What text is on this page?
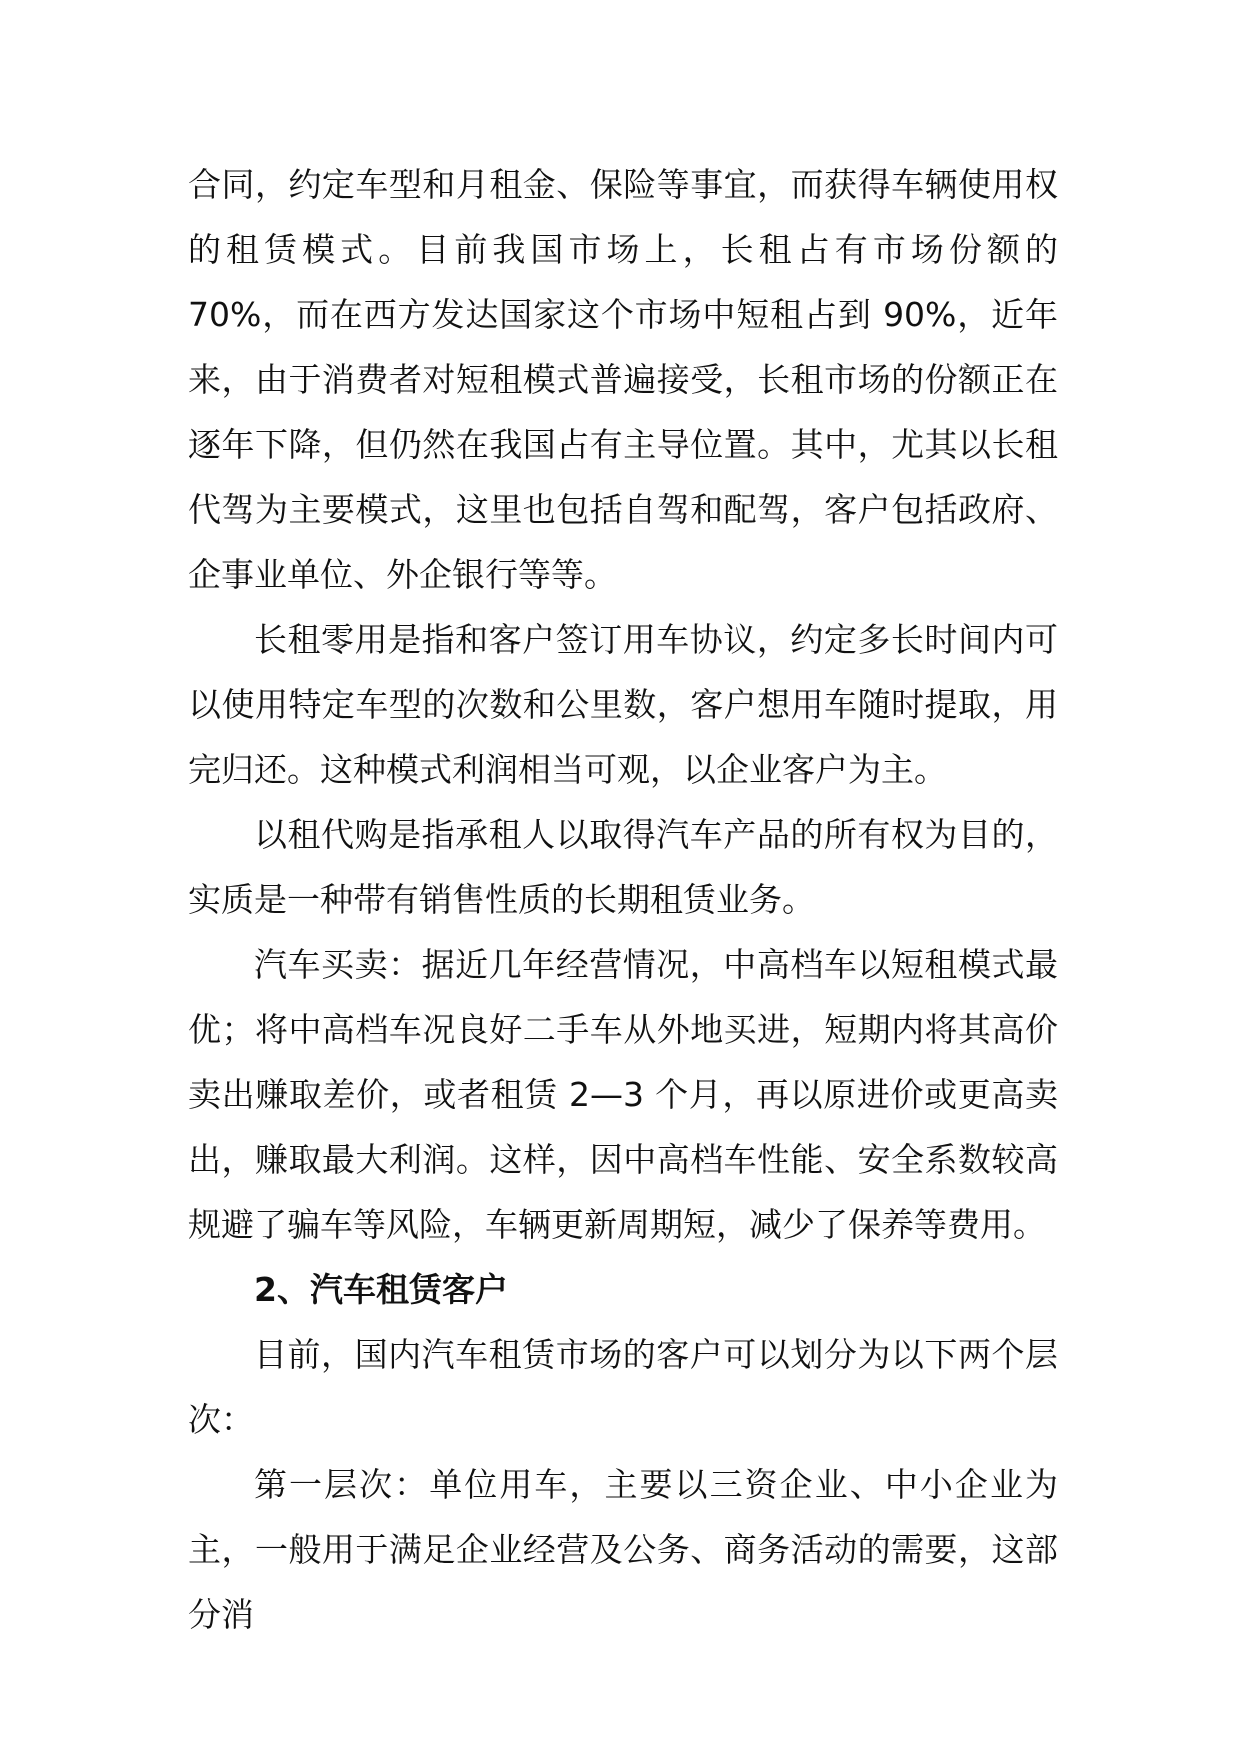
合同，约定车型和月租金、保险等事宜，而获得车辆使用权的租赁模式。目前我国市场上，长租占有市场份额的 70%，而在西方发达国家这个市场中短租占到 90%，近年来，由于消费者对短租模式普遍接受，长租市场的份额正在逐年下降，但仍然在我国占有主导位置。其中，尤其以长租代驾为主要模式，这里也包括自驾和配驾，客户包括政府、企事业单位、外企银行等等。

长租零用是指和客户签订用车协议，约定多长时间内可以使用特定车型的次数和公里数，客户想用车随时提取，用完归还。这种模式利润相当可观，以企业客户为主。

以租代购是指承租人以取得汽车产品的所有权为目的，实质是一种带有销售性质的长期租赁业务。

汽车买卖：据近几年经营情况，中高档车以短租模式最优；将中高档车况良好二手车从外地买进，短期内将其高价卖出赚取差价，或者租赁 2—3 个月，再以原进价或更高卖出，赚取最大利润。这样，因中高档车性能、安全系数较高规避了骗车等风险，车辆更新周期短，减少了保养等费用。

2、汽车租赁客户

目前，国内汽车租赁市场的客户可以划分为以下两个层次：

第一层次：单位用车，主要以三资企业、中小企业为主，一般用于满足企业经营及公务、商务活动的需要，这部分消
